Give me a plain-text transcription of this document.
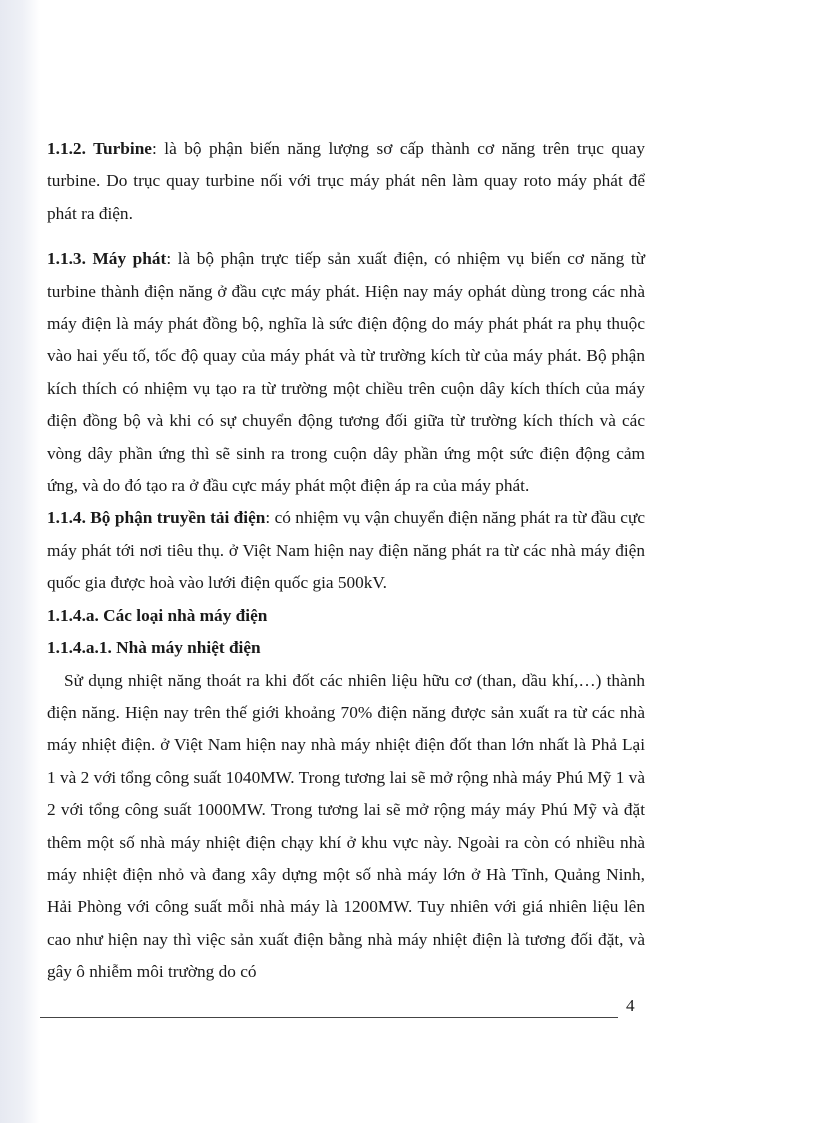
1.1.2. Turbine: là bộ phận biến năng lượng sơ cấp thành cơ năng trên trục quay turbine. Do trục quay turbine nối với trục máy phát nên làm quay roto máy phát để phát ra điện.

1.1.3. Máy phát: là bộ phận trực tiếp sản xuất điện, có nhiệm vụ biến cơ năng từ turbine thành điện năng ở đầu cực máy phát. Hiện nay máy ophát dùng trong các nhà máy điện là máy phát đồng bộ, nghĩa là sức điện động do máy phát phát ra phụ thuộc vào hai yếu tố, tốc độ quay của máy phát và từ trường kích từ của máy phát. Bộ phận kích thích có nhiệm vụ tạo ra từ trường một chiều trên cuộn dây kích thích của máy điện đồng bộ và khi có sự chuyển động tương đối giữa từ trường kích thích và các vòng dây phần ứng thì sẽ sinh ra trong cuộn dây phần ứng một sức điện động cảm ứng, và do đó tạo ra ở đầu cực máy phát một điện áp ra của máy phát.

1.1.4. Bộ phận truyền tải điện: có nhiệm vụ vận chuyển điện năng phát ra từ đầu cực máy phát tới nơi tiêu thụ. ở Việt Nam hiện nay điện năng phát ra từ các nhà máy điện quốc gia được hoà vào lưới điện quốc gia 500kV.

1.1.4.a. Các loại nhà máy điện

1.1.4.a.1. Nhà máy nhiệt điện

Sử dụng nhiệt năng thoát ra khi đốt các nhiên liệu hữu cơ (than, dầu khí,…) thành điện năng. Hiện nay trên thế giới khoảng 70% điện năng được sản xuất ra từ các nhà máy nhiệt điện. ở Việt Nam hiện nay nhà máy nhiệt điện đốt than lớn nhất là Phả Lại 1 và 2 với tổng công suất 1040MW. Trong tương lai sẽ mở rộng nhà máy Phú Mỹ 1 và 2 với tổng công suất 1000MW. Trong tương lai sẽ mở rộng máy máy Phú Mỹ và đặt thêm một số nhà máy nhiệt điện chạy khí ở khu vực này. Ngoài ra còn có nhiều nhà máy nhiệt điện nhỏ và đang xây dựng một số nhà máy lớn ở Hà Tĩnh, Quảng Ninh, Hải Phòng với công suất mỗi nhà máy là 1200MW. Tuy nhiên với giá nhiên liệu lên cao như hiện nay thì việc sản xuất điện bằng nhà máy nhiệt điện là tương đối đặt, và gây ô nhiễm môi trường do có

4
